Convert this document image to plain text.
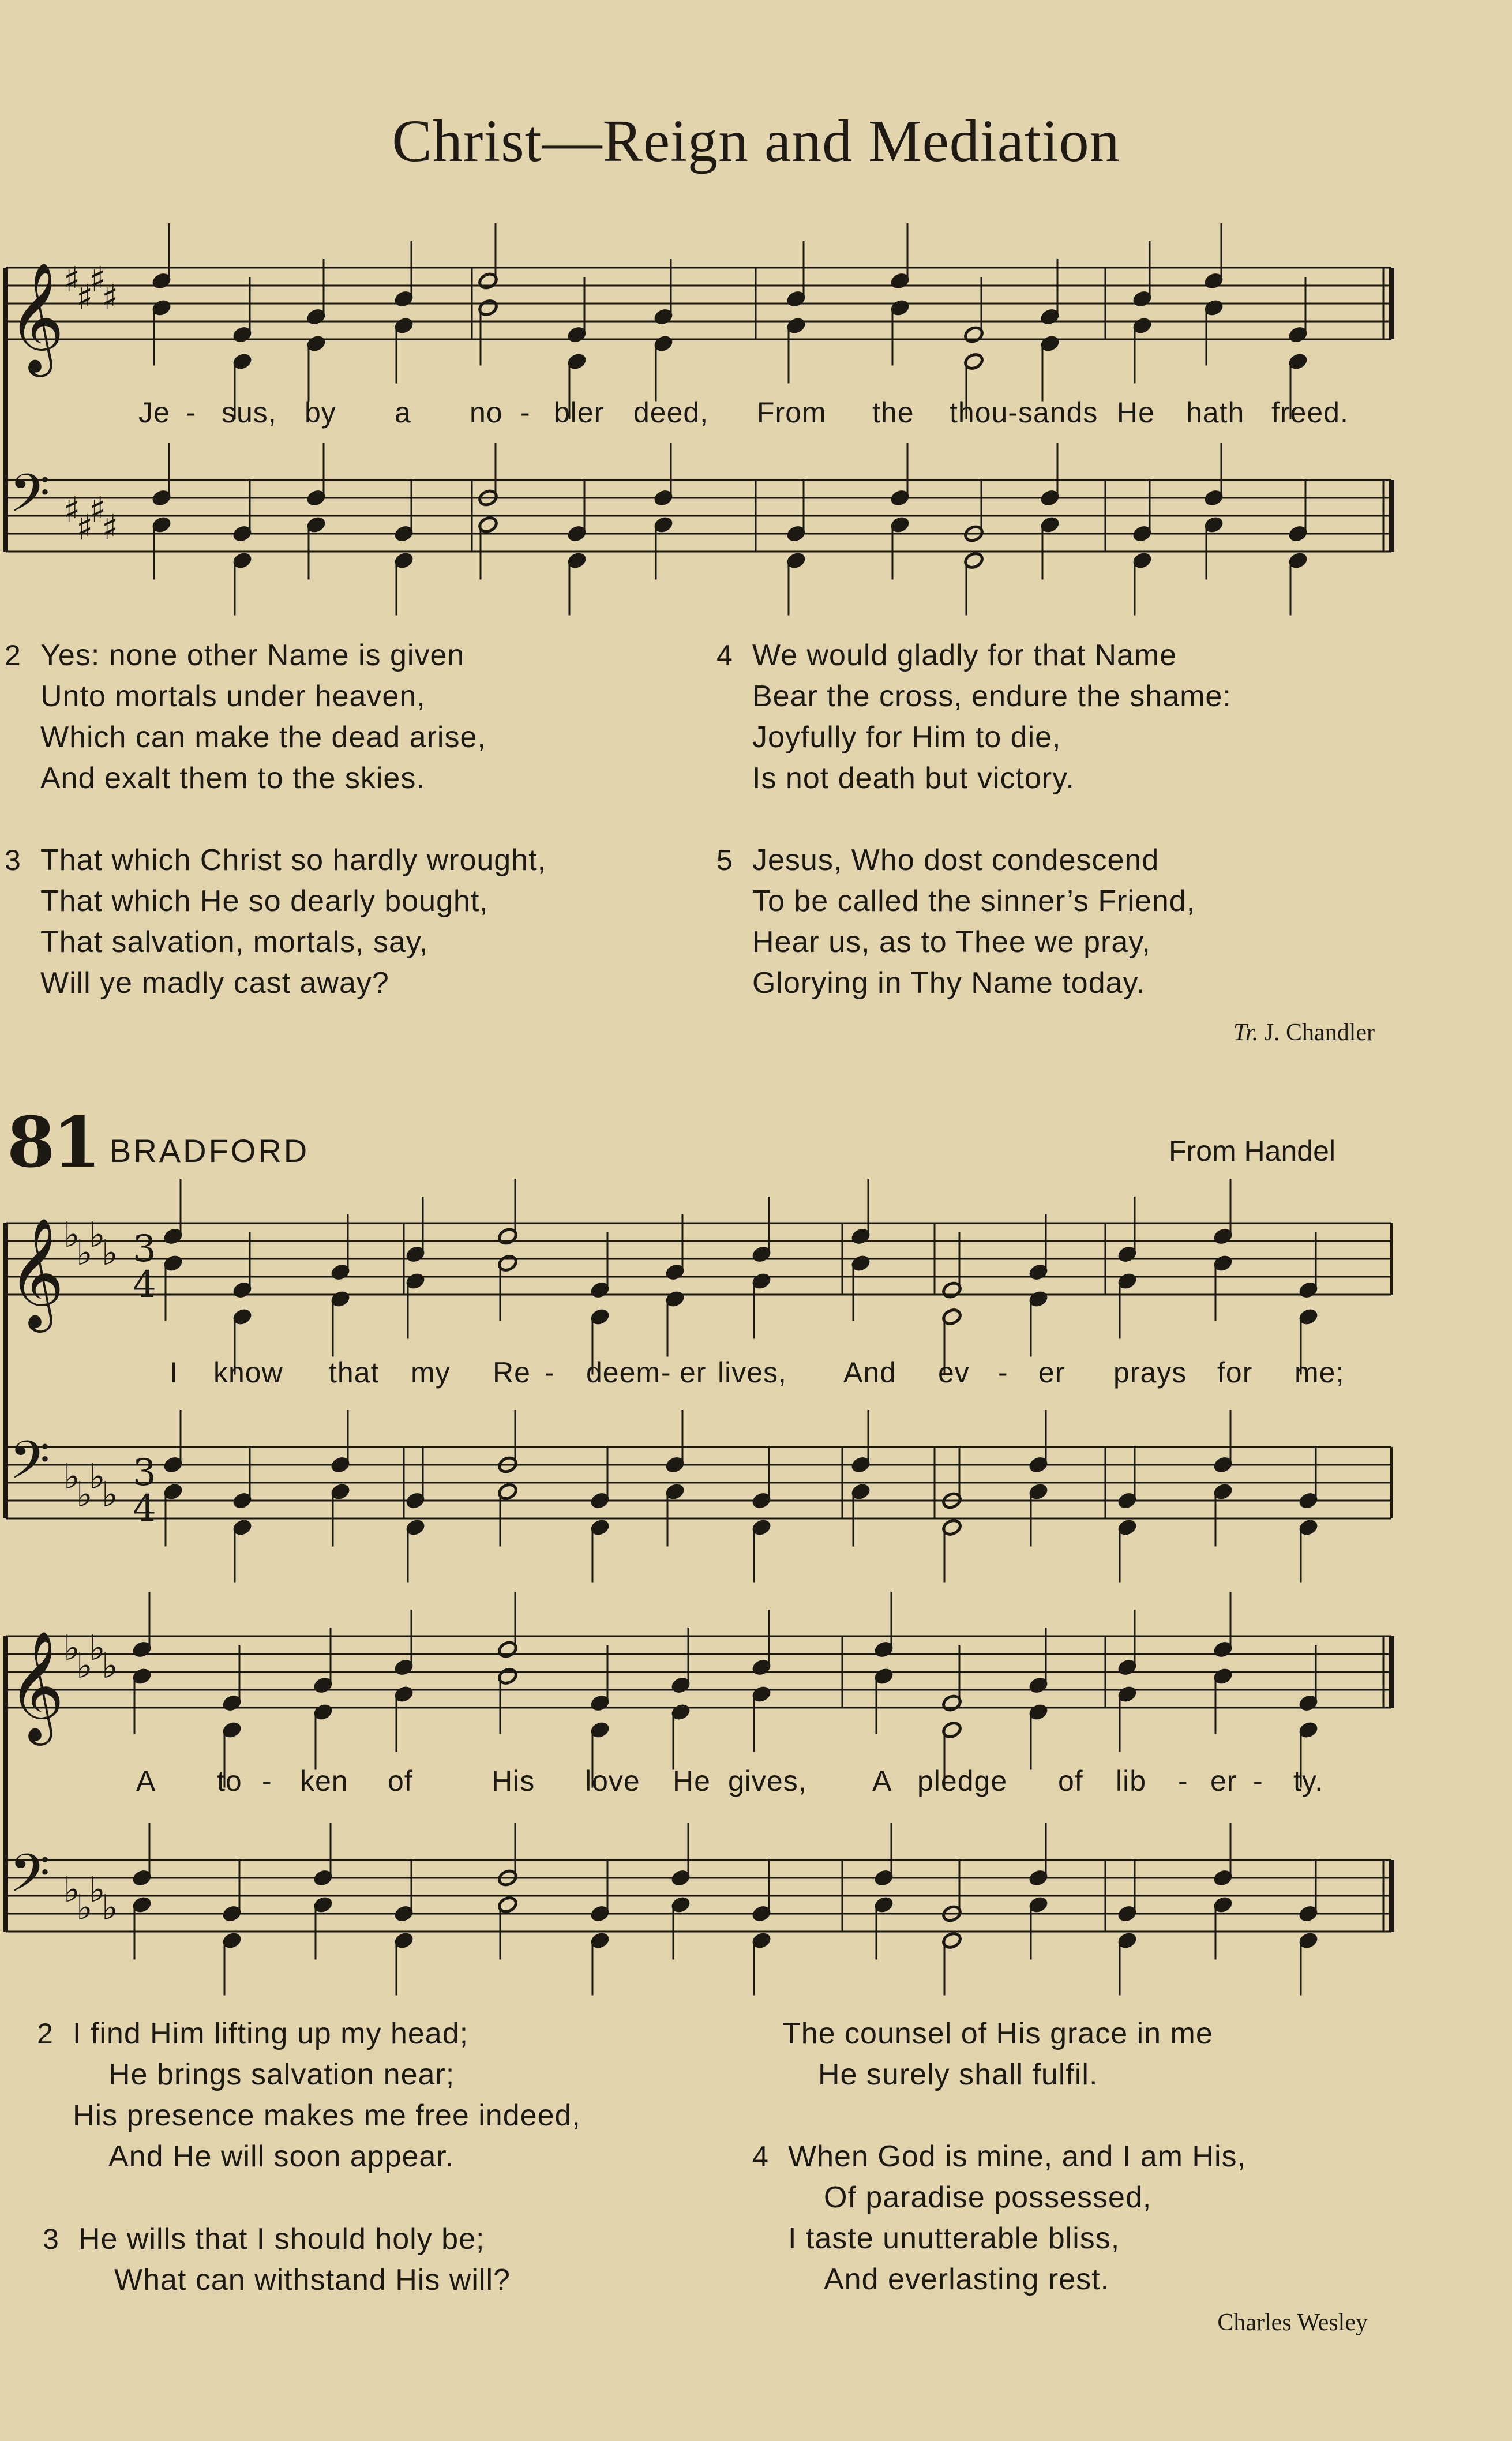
Christ—Reign and Mediation
𝄞
𝄢
♯
♯
♯
♯
♯
♯
♯
♯
𝄞
𝄢
♭
♭
♭
♭
♭
♭
♭
♭
3
4
3
4
𝄞
𝄢
♭
♭
♭
♭
♭
♭
♭
♭
Je - sus, by a no - bler deed, From the thou-sands He hath freed.
2 Yes: none other Name is given
Unto mortals under heaven,
Which can make the dead arise,
And exalt them to the skies.
3 That which Christ so hardly wrought,
That which He so dearly bought,
That salvation, mortals, say,
Will ye madly cast away?
4 We would gladly for that Name
Bear the cross, endure the shame:
Joyfully for Him to die,
Is not death but victory.
5 Jesus, Who dost condescend
To be called the sinner’s Friend,
Hear us, as to Thee we pray,
Glorying in Thy Name today.
Tr. J. Chandler
81 BRADFORD	From Handel
I know that my Re - deem - er lives, And ev - er prays for me;
A to - ken of	His love He gives, A pledge of lib - er - ty.
2 I find Him lifting up my head;
He brings salvation near;
His presence makes me free indeed,
And He will soon appear.
The counsel of His grace in me
He surely shall fulfil.
3 He wills that I should holy be;
What can withstand His will?
4 When God is mine, and I am His,
Of paradise possessed,
I taste unutterable bliss,
And everlasting rest.
Charles Wesley
